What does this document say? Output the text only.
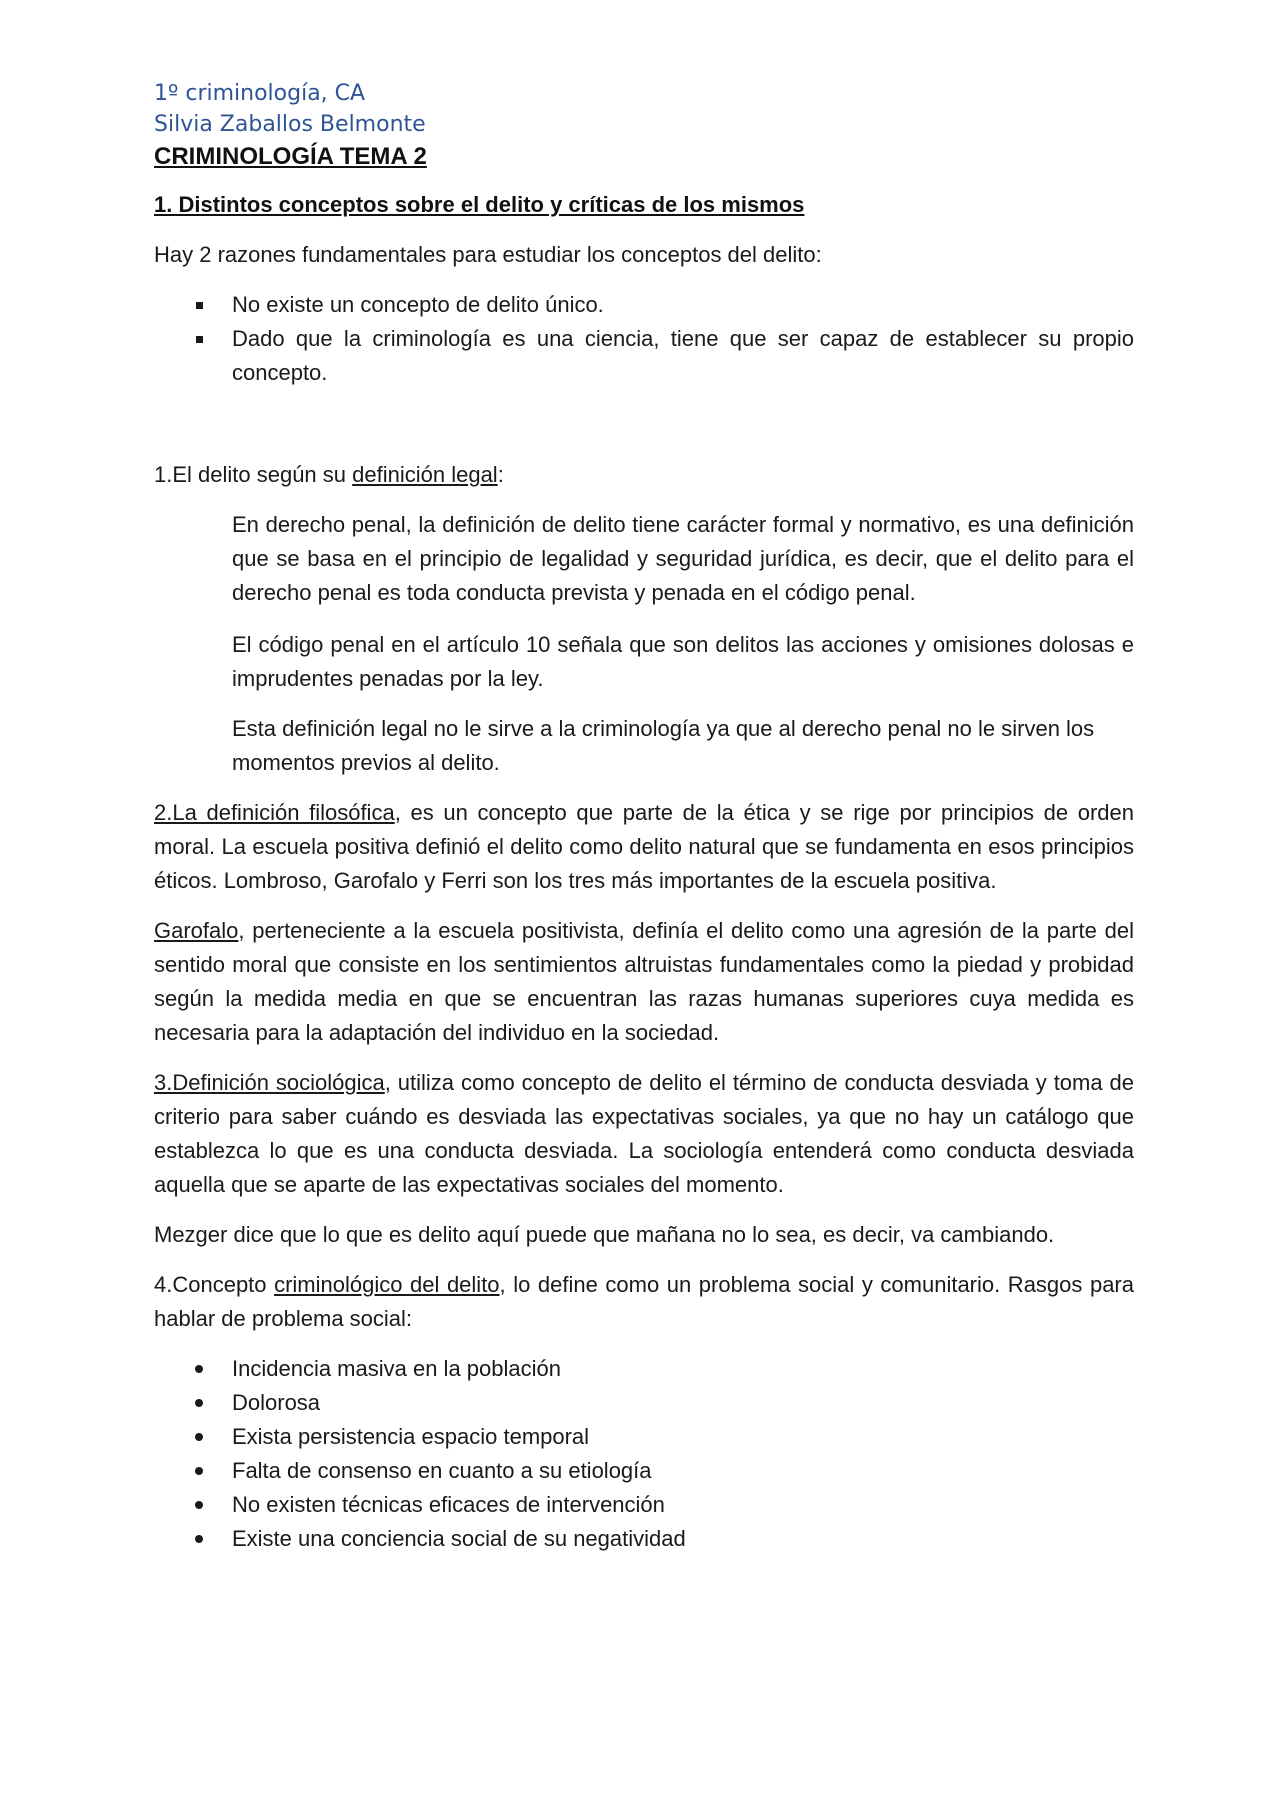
1º criminología, CA
Silvia Zaballos Belmonte
CRIMINOLOGÍA TEMA 2
1. Distintos conceptos sobre el delito y críticas de los mismos

Hay 2 razones fundamentales para estudiar los conceptos del delito:

No existe un concepto de delito único.
Dado que la criminología es una ciencia, tiene que ser capaz de establecer su propio concepto.

1.El delito según su definición legal:

En derecho penal, la definición de delito tiene carácter formal y normativo, es una definición que se basa en el principio de legalidad y seguridad jurídica, es decir, que el delito para el derecho penal es toda conducta prevista y penada en el código penal.

El código penal en el artículo 10 señala que son delitos las acciones y omisiones dolosas e imprudentes penadas por la ley.

Esta definición legal no le sirve a la criminología ya que al derecho penal no le sirven los momentos previos al delito.

2.La definición filosófica, es un concepto que parte de la ética y se rige por principios de orden moral. La escuela positiva definió el delito como delito natural que se fundamenta en esos principios éticos. Lombroso, Garofalo y Ferri son los tres más importantes de la escuela positiva.

Garofalo, perteneciente a la escuela positivista, definía el delito como una agresión de la parte del sentido moral que consiste en los sentimientos altruistas fundamentales como la piedad y probidad según la medida media en que se encuentran las razas humanas superiores cuya medida es necesaria para la adaptación del individuo en la sociedad.

3.Definición sociológica, utiliza como concepto de delito el término de conducta desviada y toma de criterio para saber cuándo es desviada las expectativas sociales, ya que no hay un catálogo que establezca lo que es una conducta desviada. La sociología entenderá como conducta desviada aquella que se aparte de las expectativas sociales del momento.

Mezger dice que lo que es delito aquí puede que mañana no lo sea, es decir, va cambiando.

4.Concepto criminológico del delito, lo define como un problema social y comunitario. Rasgos para hablar de problema social:

Incidencia masiva en la población
Dolorosa
Exista persistencia espacio temporal
Falta de consenso en cuanto a su etiología
No existen técnicas eficaces de intervención
Existe una conciencia social de su negatividad
